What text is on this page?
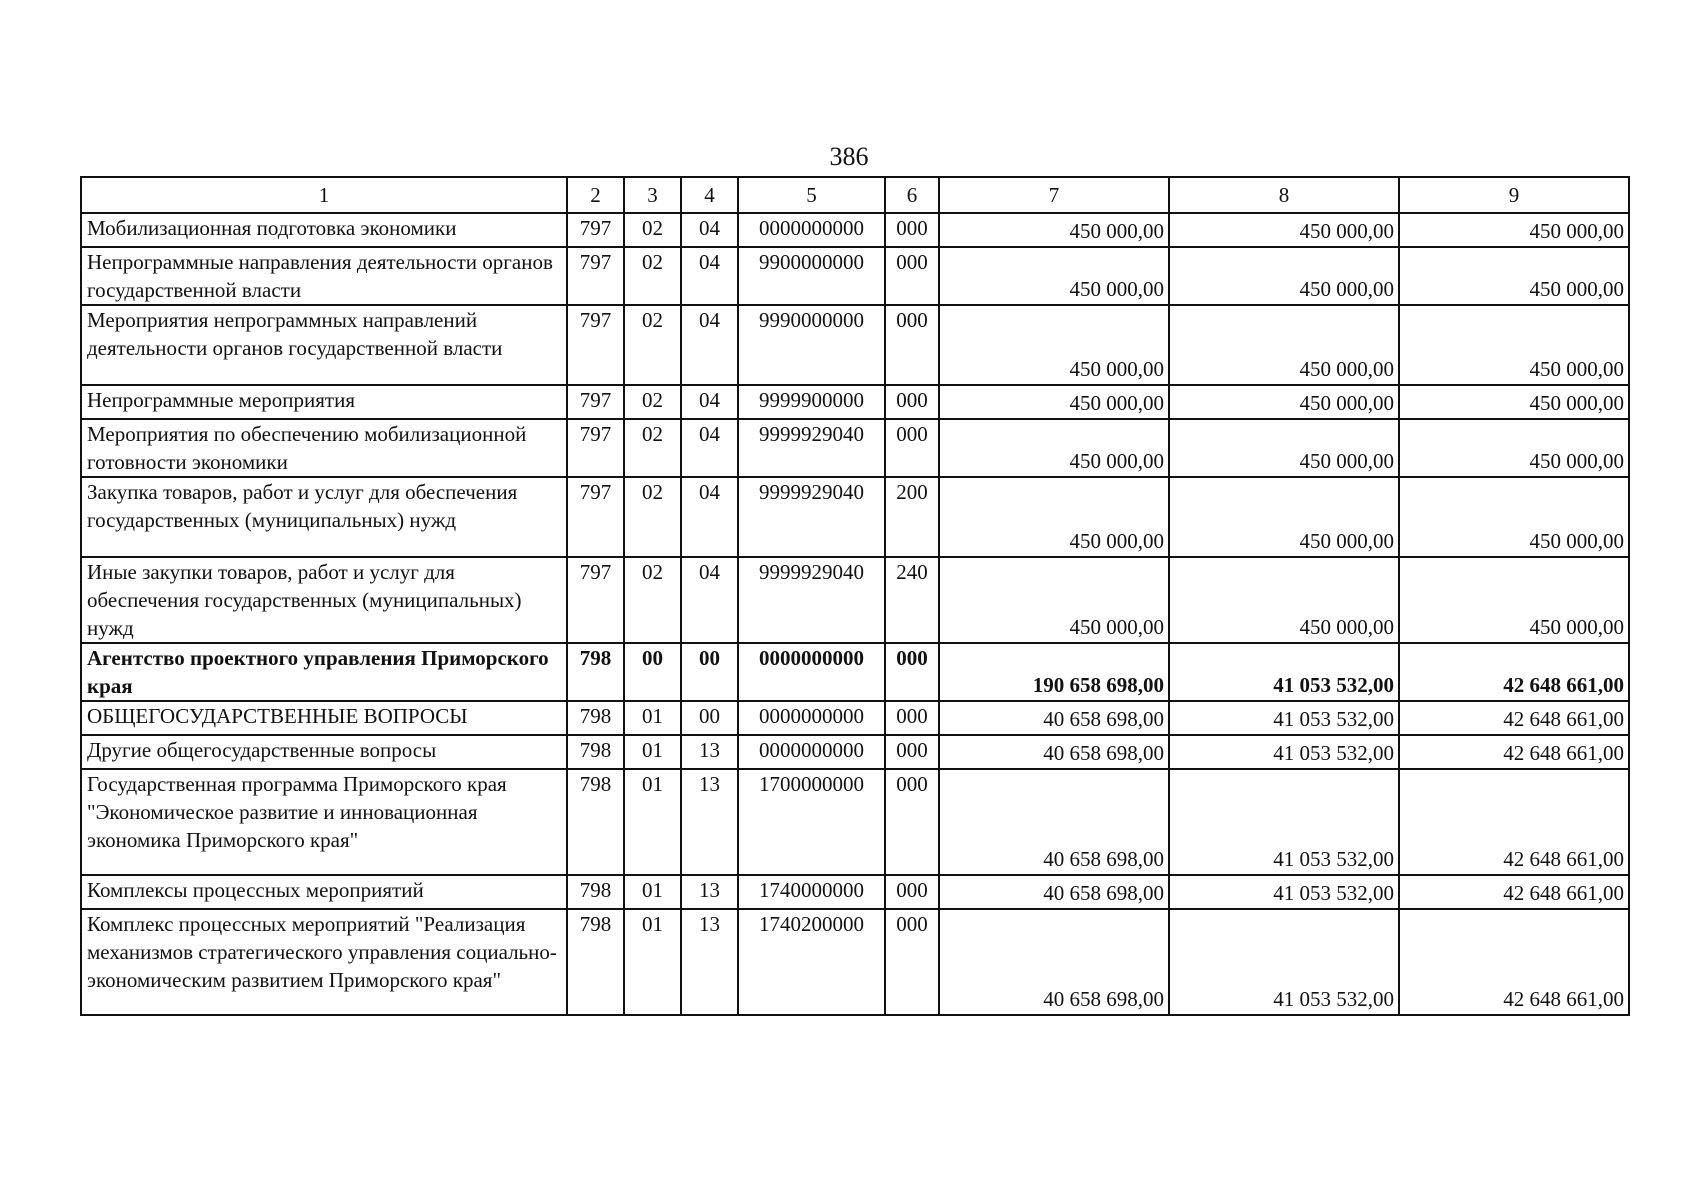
386
1	2	3	4	5	6	7	8	9
Мобилизационная подготовка экономики	797	02	04	0000000000	000	450 000,00	450 000,00	450 000,00
Непрограммные направления деятельности органов государственной власти	797	02	04	9900000000	000	450 000,00	450 000,00	450 000,00
Мероприятия непрограммных направлений деятельности органов государственной власти	797	02	04	9990000000	000	450 000,00	450 000,00	450 000,00
Непрограммные мероприятия	797	02	04	9999900000	000	450 000,00	450 000,00	450 000,00
Мероприятия по обеспечению мобилизационной готовности экономики	797	02	04	9999929040	000	450 000,00	450 000,00	450 000,00
Закупка товаров, работ и услуг для обеспечения государственных (муниципальных) нужд	797	02	04	9999929040	200	450 000,00	450 000,00	450 000,00
Иные закупки товаров, работ и услуг для обеспечения государственных (муниципальных) нужд	797	02	04	9999929040	240	450 000,00	450 000,00	450 000,00
Агентство проектного управления Приморского края	798	00	00	0000000000	000	190 658 698,00	41 053 532,00	42 648 661,00
ОБЩЕГОСУДАРСТВЕННЫЕ ВОПРОСЫ	798	01	00	0000000000	000	40 658 698,00	41 053 532,00	42 648 661,00
Другие общегосударственные вопросы	798	01	13	0000000000	000	40 658 698,00	41 053 532,00	42 648 661,00
Государственная программа Приморского края "Экономическое развитие и инновационная экономика Приморского края"	798	01	13	1700000000	000	40 658 698,00	41 053 532,00	42 648 661,00
Комплексы процессных мероприятий	798	01	13	1740000000	000	40 658 698,00	41 053 532,00	42 648 661,00
Комплекс процессных мероприятий "Реализация механизмов стратегического управления социально-экономическим развитием Приморского края"	798	01	13	1740200000	000	40 658 698,00	41 053 532,00	42 648 661,00
